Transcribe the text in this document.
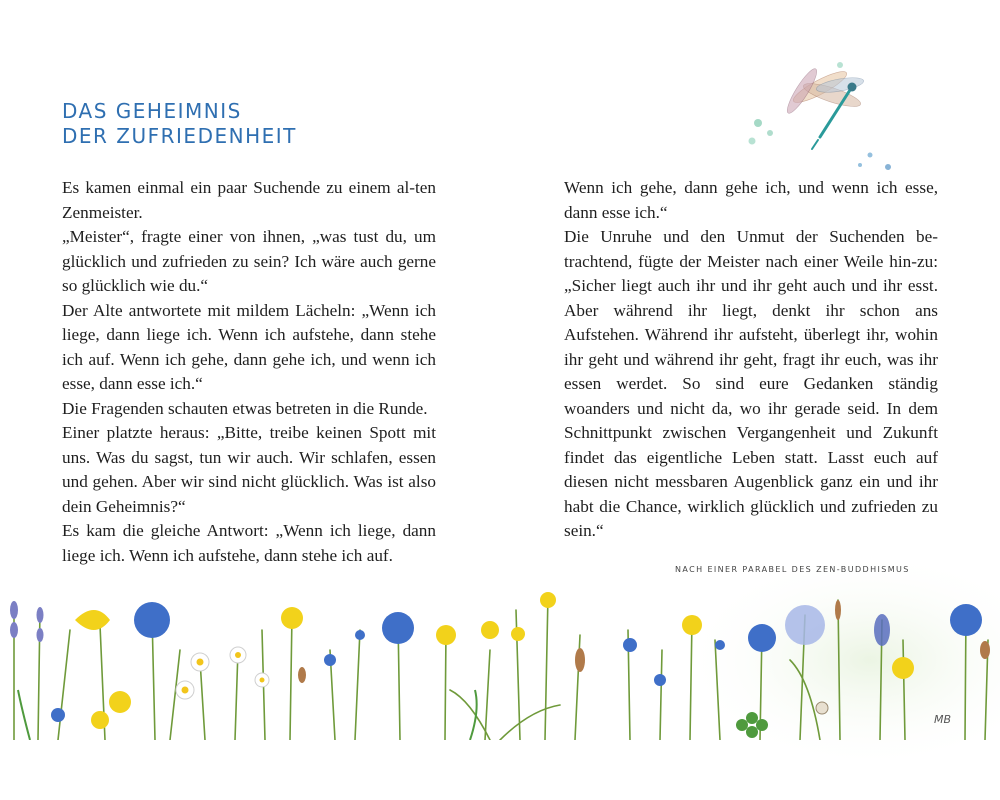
DAS GEHEIMNIS
DER ZUFRIEDENHEIT

Es kamen einmal ein paar Suchende zu einem al-ten Zenmeister.

„Meister“, fragte einer von ihnen, „was tust du, um glücklich und zufrieden zu sein? Ich wäre auch gerne so glücklich wie du.“

Der Alte antwortete mit mildem Lächeln: „Wenn ich liege, dann liege ich. Wenn ich aufstehe, dann stehe ich auf. Wenn ich gehe, dann gehe ich, und wenn ich esse, dann esse ich.“

Die Fragenden schauten etwas betreten in die Runde.

Einer platzte heraus: „Bitte, treibe keinen Spott mit uns. Was du sagst, tun wir auch. Wir schlafen, essen und gehen. Aber wir sind nicht glücklich. Was ist also dein Geheimnis?“

Es kam die gleiche Antwort: „Wenn ich liege, dann liege ich. Wenn ich aufstehe, dann stehe ich auf.

Wenn ich gehe, dann gehe ich, und wenn ich esse, dann esse ich.“

Die Unruhe und den Unmut der Suchenden be-trachtend, fügte der Meister nach einer Weile hin-zu: „Sicher liegt auch ihr und ihr geht auch und ihr esst. Aber während ihr liegt, denkt ihr schon ans Aufstehen. Während ihr aufsteht, überlegt ihr, wohin ihr geht und während ihr geht, fragt ihr euch, was ihr essen werdet. So sind eure Gedanken ständig woanders und nicht da, wo ihr gerade seid. In dem Schnittpunkt zwischen Vergangenheit und Zukunft findet das eigentliche Leben statt. Lasst euch auf diesen nicht messbaren Augenblick ganz ein und ihr habt die Chance, wirklich glücklich und zufrieden zu sein.“

NACH EINER PARABEL DES ZEN-BUDDHISMUS

MB
